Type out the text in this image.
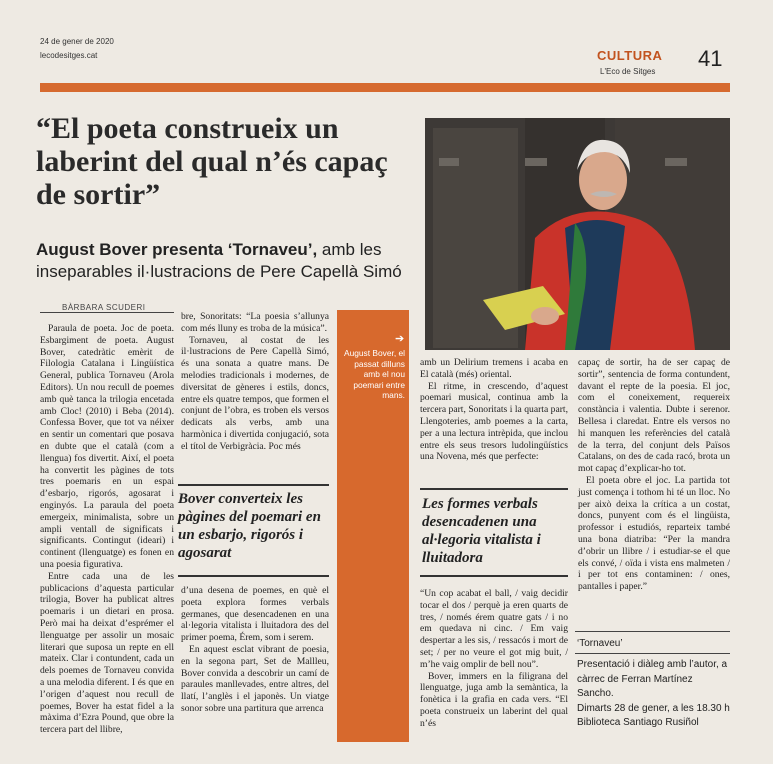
24 de gener de 2020
lecodesitges.cat	CULTURA
L'Eco de Sitges
41
“El poeta construeix un laberint del qual n’és capaç de sortir”
August Bover presenta ‘Tornaveu’, amb les inseparables il·lustracions de Pere Capellà Simó
BÀRBARA SCUDERI

Paraula de poeta. Joc de poeta. Esbargiment de poeta. August Bover, catedràtic emèrit de Filologia Catalana i Lingüística General, publica Tornaveu (Arola Editors). Un nou recull de poemes amb què tanca la trilogia encetada amb Cloc! (2010) i Beba (2014). Confessa Bover, que tot va néixer en sentir un comentari que posava en dubte que el català (com a llengua) fos divertit. Així, el poeta ha convertit les pàgines de tots tres poemaris en un espai d’esbarjo, rigorós, agosarat i enginyós. La paraula del poeta emergeix, minimalista, sobre un ampli ventall de significats i significants. Contingut (ideari) i continent (llenguatge) es fonen en una poesia figurativa.

Entre cada una de les publicacions d’aquesta particular trilogia, Bover ha publicat altres poemaris i un dietari en prosa. Però mai ha deixat d’esprémer el llenguatge per assolir un mosaic literari que suposa un repte en ell mateix. Clar i contundent, cada un dels poemes de Tornaveu convida a una melodia diferent. I és que en l’origen d’aquest nou recull de poemes, Bover ha estat fidel a la màxima d’Ezra Pound, que obre la tercera part del llibre,

bre, Sonoritats: “La poesia s’allunya com més lluny es troba de la música”.

Tornaveu, al costat de les il·lustracions de Pere Capellà Simó, és una sonata a quatre mans. De melodies tradicionals i modernes, de diversitat de gèneres i estils, doncs, entre els quatre tempos, que formen el conjunt de l’obra, es troben els versos dedicats als verbs, amb una harmònica i divertida conjugació, sota el títol de Verbigràcia. Poc més

Bover converteix les pàgines del poemari en un esbarjo, rigorós i agosarat

d’una desena de poemes, en què el poeta explora formes verbals germanes, que desencadenen en una al·legoria vitalista i lluitadora des del primer poema, Érem, som i serem.

En aquest esclat vibrant de poesia, en la segona part, Set de Mallleu, Bover convida a descobrir un camí de paraules manllevades, entre altres, del llatí, l’anglès i el japonès. Un viatge sonor sobre una partitura que arrenca

➔
August Bover, el passat dilluns amb el nou poemari entre mans.

amb un Delirium tremens i acaba en El català (més) oriental.

El ritme, in crescendo, d’aquest poemari musical, continua amb la tercera part, Sonoritats i la quarta part, Llengoteries, amb poemes a la carta, per a una lectura intrèpida, que inclou entre els seus tresors ludolingüístics una Novena, més que perfecte:

Les formes verbals desencadenen una al·legoria vitalista i lluitadora

“Un cop acabat el ball, / vaig decidir tocar el dos / perquè ja eren quarts de tres, / només érem quatre gats / i no em quedava ni cinc. / Em vaig despertar a les sis, / ressacós i mort de set; / per no veure el got mig buit, / m’he vaig omplir de bell nou”.

Bover, immers en la filigrana del llenguatge, juga amb la semàntica, la fonètica i la grafia en cada vers. “El poeta construeix un laberint del qual n’és

capaç de sortir, ha de ser capaç de sortir”, sentencia de forma contundent, davant el repte de la poesia. El joc, com el coneixement, requereix constància i valentia. Dubte i serenor. Bellesa i claredat. Entre els versos no hi manquen les referències del català de la terra, del conjunt dels Països Catalans, on des de cada racó, brota un mot capaç d’explicar-ho tot.

El poeta obre el joc. La partida tot just comença i tothom hi té un lloc. No per això deixa la crítica a un costat, doncs, punyent com és el lingüista, professor i estudiós, reparteix també una bona diatriba: “Per la mandra d’obrir un llibre / i estudiar-se el que els convé, / oïda i vista ens malmeten / i per tot ens contaminen: / ones, pantalles i paper.”

‘Tornaveu’

Presentació i diàleg amb l’autor, a càrrec de Ferran Martínez Sancho.

Dimarts 28 de gener, a les 18.30 h

Biblioteca Santiago Rusiñol
